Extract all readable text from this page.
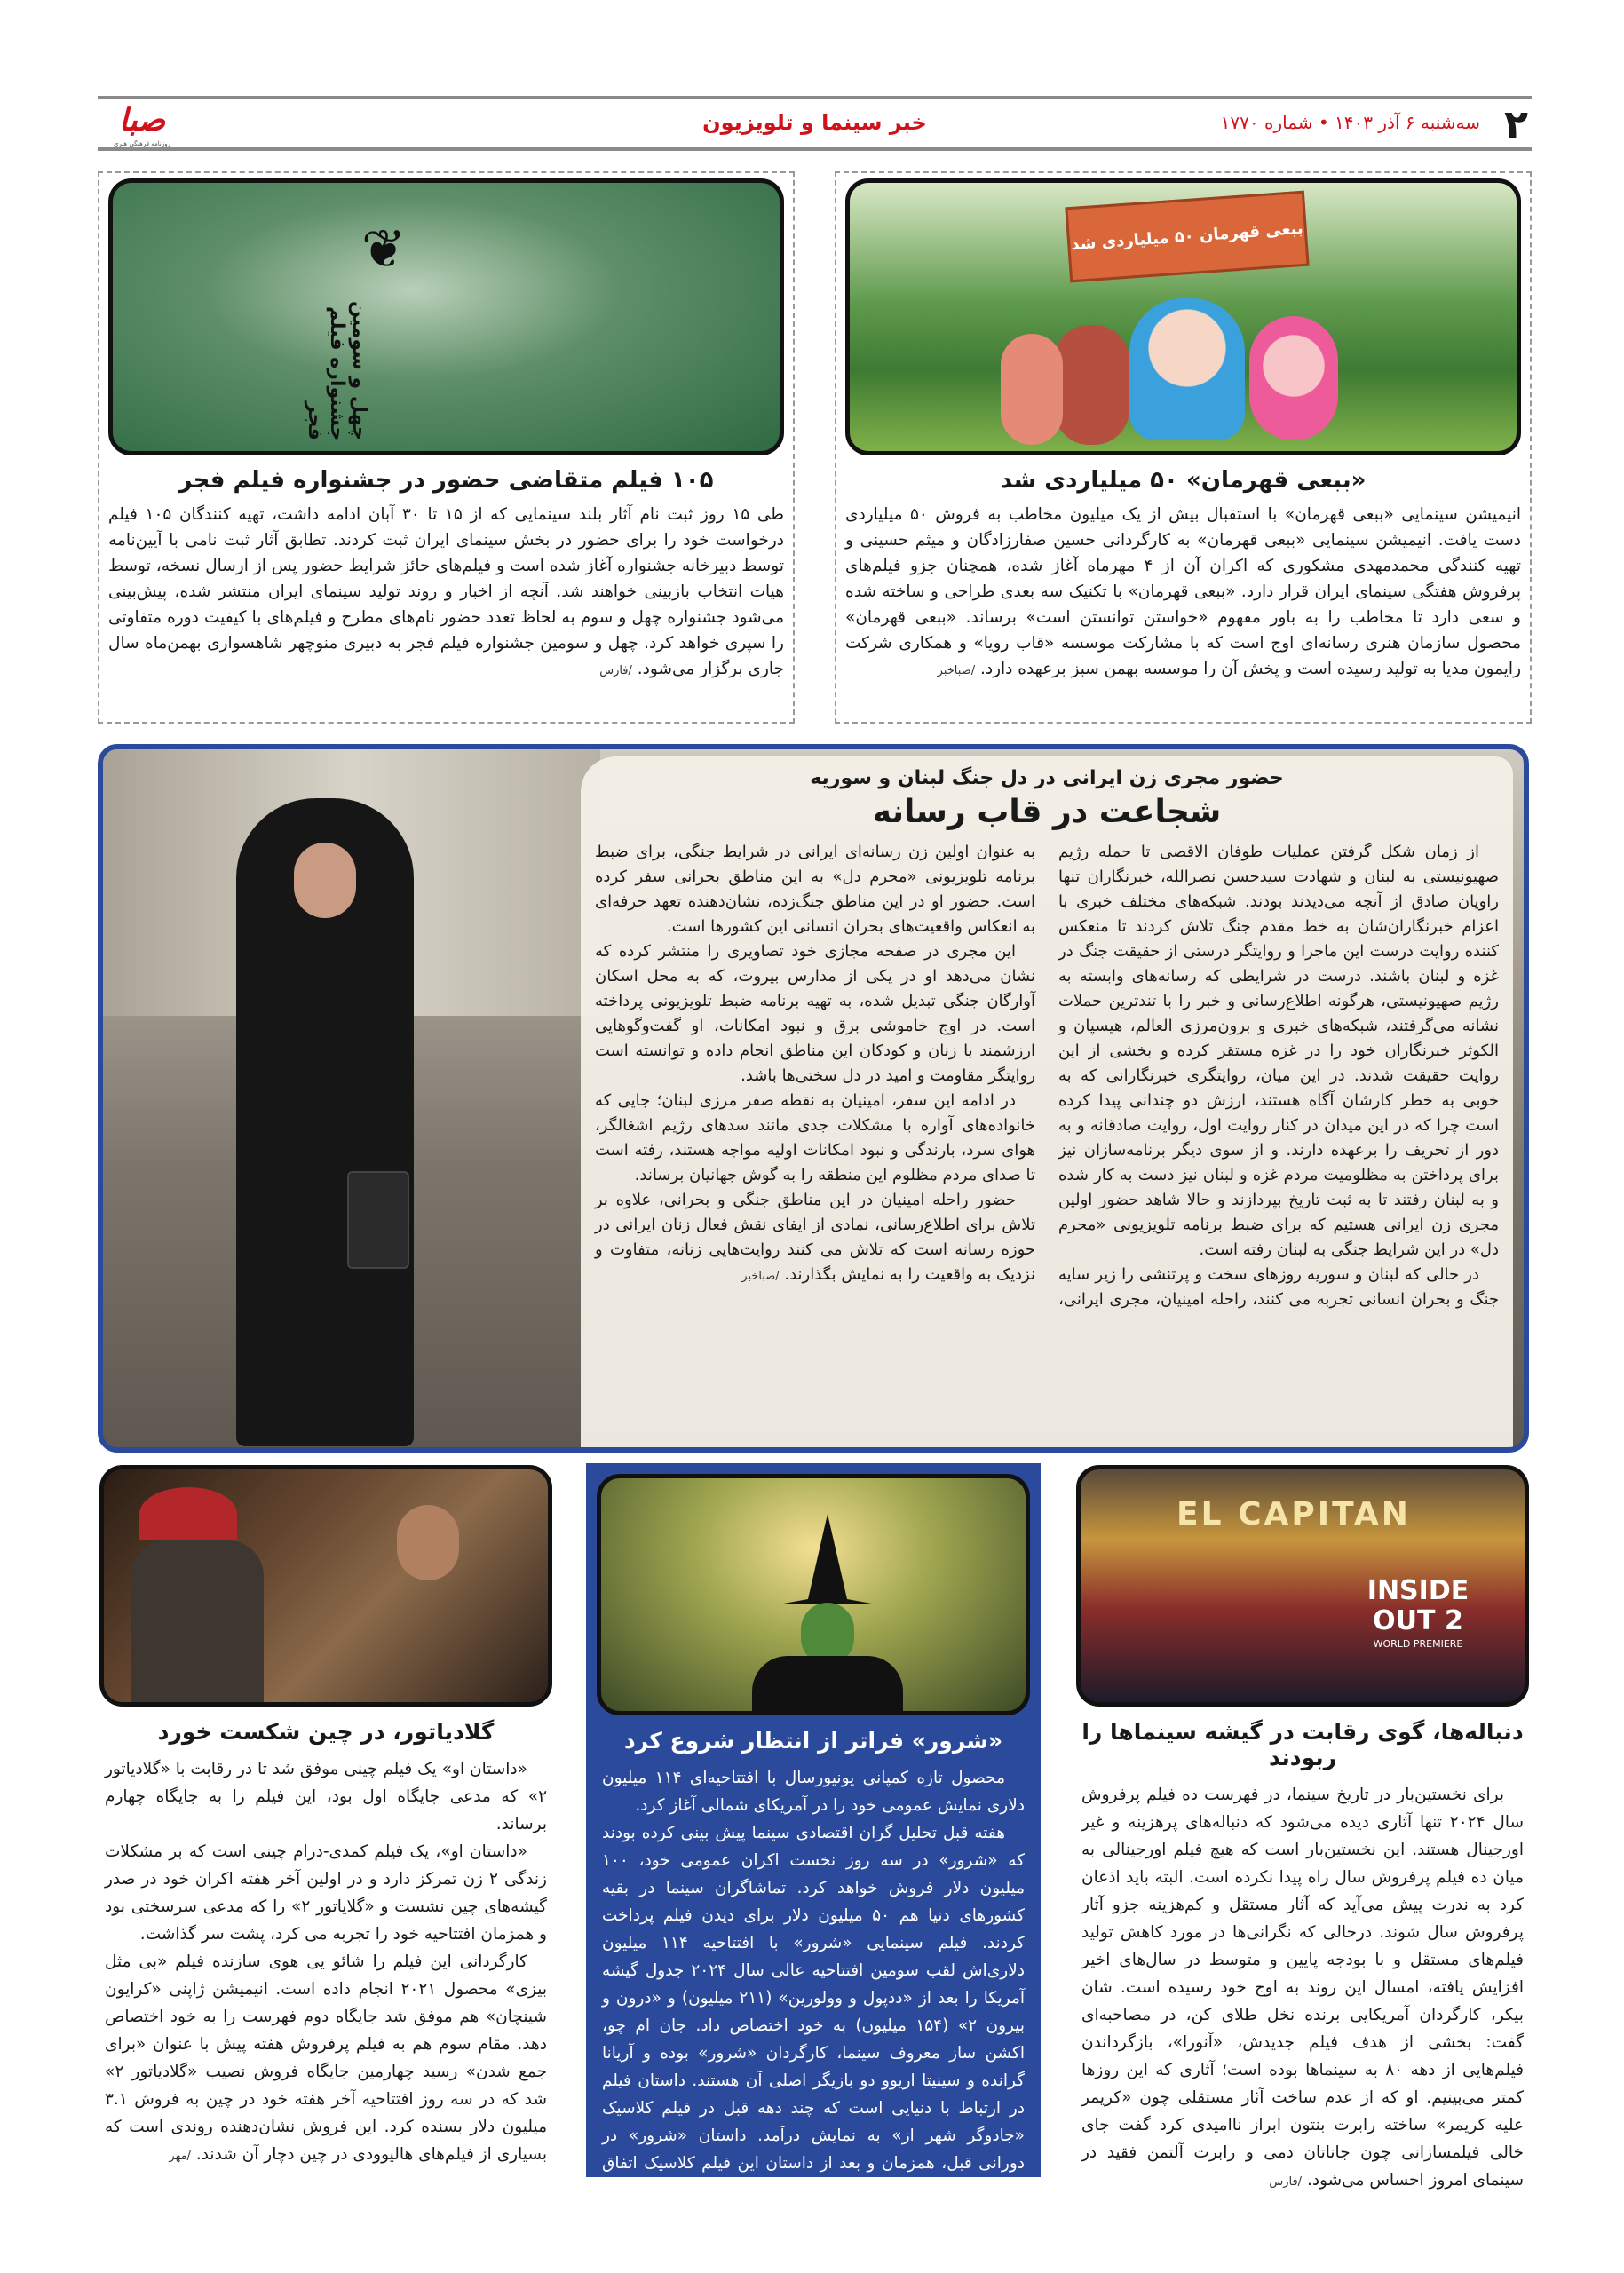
۲
سه‌شنبه ۶ آذر ۱۴۰۳ • شماره ۱۷۷۰
خبر سینما و تلویزیون
صبا
روزنامه فرهنگی هنری
ببعی قهرمان ۵۰ میلیاردی شد
«ببعی قهرمان» ۵۰ میلیاردی شد
انیمیشن سینمایی «ببعی قهرمان» با استقبال بیش از یک میلیون مخاطب به فروش ۵۰ میلیاردی دست یافت. انیمیشن سینمایی «ببعی قهرمان» به کارگردانی حسین صفارزادگان و میثم حسینی و تهیه کنندگی محمدمهدی مشکوری که اکران آن از ۴ مهرماه آغاز شده، همچنان جزو فیلم‌های پرفروش هفتگی سینمای ایران قرار دارد. «ببعی قهرمان» با تکنیک سه بعدی طراحی و ساخته شده و سعی دارد تا مخاطب را به باور مفهوم «خواستن توانستن است» برساند. «ببعی قهرمان» محصول سازمان هنری رسانه‌ای اوج است که با مشارکت موسسه «قاب رویا» و همکاری شرکت رایمون مدیا به تولید رسیده است و پخش آن را موسسه بهمن سبز برعهده دارد. /صباخبر
❦
چهل و سومین جشنواره فیلم فجر
۱۰۵ فیلم متقاضی حضور در جشنواره فیلم فجر
طی ۱۵ روز ثبت نام آثار بلند سینمایی که از ۱۵ تا ۳۰ آبان ادامه داشت، تهیه کنندگان ۱۰۵ فیلم درخواست خود را برای حضور در بخش سینمای ایران ثبت کردند. تطابق آثار ثبت نامی با آیین‌نامه توسط دبیرخانه جشنواره آغاز شده است و فیلم‌های حائز شرایط حضور پس از ارسال نسخه، توسط هیات انتخاب بازبینی خواهند شد. آنچه از اخبار و روند تولید سینمای ایران منتشر شده، پیش‌بینی می‌شود جشنواره چهل و سوم به لحاظ تعدد حضور نام‌های مطرح و فیلم‌های با کیفیت دوره متفاوتی را سپری خواهد کرد. چهل و سومین جشنواره فیلم فجر به دبیری منوچهر شاهسواری بهمن‌ماه سال جاری برگزار می‌شود. /فارس
حضور مجری زن ایرانی در دل جنگ لبنان و سوریه
شجاعت در قاب رسانه

از زمان شکل گرفتن عملیات طوفان الاقصی تا حمله رژیم صهیونیستی به لبنان و شهادت سیدحسن نصرالله، خبرنگاران تنها راویان صادق از آنچه می‌دیدند بودند. شبکه‌های مختلف خبری با اعزام خبرنگاران‌شان به خط مقدم جنگ تلاش کردند تا منعکس کننده روایت درست این ماجرا و روایتگر درستی از حقیقت جنگ در غزه و لبنان باشند. درست در شرایطی که رسانه‌های وابسته به رژیم صهیونیستی، هرگونه اطلاع‌رسانی و خبر را با تندترین حملات نشانه می‌گرفتند، شبکه‌های خبری و برون‌مرزی العالم، هیسپان و الکوثر خبرنگاران خود را در غزه مستقر کرده و بخشی از این روایت حقیقت شدند. در این میان، روایتگری خبرنگارانی که به خوبی به خطر کارشان آگاه هستند، ارزش دو چندانی پیدا کرده است چرا که در این میدان در کنار روایت اول، روایت صادقانه و به دور از تحریف را برعهده دارند. و از سوی دیگر برنامه‌سازان نیز برای پرداختن به مظلومیت مردم غزه و لبنان نیز دست به کار شده و به لبنان رفتند تا به ثبت تاریخ بپردازند و حالا شاهد حضور اولین مجری زن ایرانی هستیم که برای ضبط برنامه تلویزیونی «محرم دل» در این شرایط جنگی به لبنان رفته است.

در حالی که لبنان و سوریه روزهای سخت و پرتنشی را زیر سایه جنگ و بحران انسانی تجربه می کنند، راحله امینیان، مجری ایرانی، به عنوان اولین زن رسانه‌ای ایرانی در شرایط جنگی، برای ضبط برنامه تلویزیونی «محرم دل» به این مناطق بحرانی سفر کرده است. حضور او در این مناطق جنگ‌زده، نشان‌دهنده تعهد حرفه‌ای به انعکاس واقعیت‌های بحران انسانی این کشورها است.

این مجری در صفحه مجازی خود تصاویری را منتشر کرده که نشان می‌دهد او در یکی از مدارس بیروت، که به محل اسکان آوارگان جنگی تبدیل شده، به تهیه برنامه ضبط تلویزیونی پرداخته است. در اوج خاموشی برق و نبود امکانات، او گفت‌وگوهایی ارزشمند با زنان و کودکان این مناطق انجام داده و توانسته است روایتگر مقاومت و امید در دل سختی‌ها باشد.

در ادامه این سفر، امینیان به نقطه صفر مرزی لبنان؛ جایی که خانواده‌های آواره با مشکلات جدی مانند سدهای رژیم اشغالگر، هوای سرد، بارندگی و نبود امکانات اولیه مواجه هستند، رفته است تا صدای مردم مظلوم این منطقه را به گوش جهانیان برساند.

حضور راحله امینیان در این مناطق جنگی و بحرانی، علاوه بر تلاش برای اطلاع‌رسانی، نمادی از ایفای نقش فعال زنان ایرانی در حوزه رسانه است که تلاش می کنند روایت‌هایی زنانه، متفاوت و نزدیک به واقعیت را به نمایش بگذارند. /صباخبر

EL CAPITAN
INSIDE OUT 2
WORLD PREMIERE
دنباله‌ها، گوی رقابت در گیشه سینماها را ربودند

برای نخستین‌بار در تاریخ سینما، در فهرست ده فیلم پرفروش سال ۲۰۲۴ تنها آثاری دیده می‌شود که دنباله‌های پرهزینه و غیر اورجینال هستند. این نخستین‌بار است که هیچ فیلم اورجینالی به میان ده فیلم پرفروش سال راه پیدا نکرده است. البته باید اذعان کرد به ندرت پیش می‌آید که آثار مستقل و کم‌هزینه جزو آثار پرفروش سال شوند. درحالی که نگرانی‌ها در مورد کاهش تولید فیلم‌های مستقل و با بودجه پایین و متوسط در سال‌های اخیر افزایش یافته، امسال این روند به اوج خود رسیده است. شان بیکر، کارگردان آمریکایی برنده نخل طلای کن، در مصاحبه‌ای گفت: بخشی از هدف فیلم جدیدش، «آنورا»، بازگرداندن فیلم‌هایی از دهه ۸۰ به سینماها بوده است؛ آثاری که این روزها کمتر می‌بینیم. او که از عدم ساخت آثار مستقلی چون «کریمر علیه کریمر» ساخته رابرت بنتون ابراز ناامیدی کرد گفت جای خالی فیلمسازانی چون جاناتان دمی و رابرت آلتمن فقید در سینمای امروز احساس می‌شود. /فارس

«شرور» فراتر از انتظار شروع کرد

محصول تازه کمپانی یونیورسال با افتتاحیه‌ای ۱۱۴ میلیون دلاری نمایش عمومی خود را در آمریکای شمالی آغاز کرد.

هفته قبل تحلیل گران اقتصادی سینما پیش بینی کرده بودند که «شرور» در سه روز نخست اکران عمومی خود، ۱۰۰ میلیون دلار فروش خواهد کرد. تماشاگران سینما در بقیه کشورهای دنیا هم ۵۰ میلیون دلار برای دیدن فیلم پرداخت کردند. فیلم سینمایی «شرور» با افتتاحیه ۱۱۴ میلیون دلاری‌اش لقب سومین افتتاحیه عالی سال ۲۰۲۴ جدول گیشه آمریکا را بعد از «ددپول و وولورین» (۲۱۱ میلیون) و «درون و بیرون ۲» (۱۵۴ میلیون) به خود اختصاص داد. جان ام چو، اکشن ساز معروف سینما، کارگردان «شرور» بوده و آریانا گرانده و سینیتا اریوو دو بازیگر اصلی آن هستند. داستان فیلم در ارتباط با دنیایی است که چند دهه قبل در فیلم کلاسیک «جادوگر شهر از» به نمایش درآمد. داستان «شرور» در دورانی قبل، همزمان و بعد از داستان این فیلم کلاسیک اتفاق می‌افتد. /صباخبر

گلادیاتور، در چین شکست خورد

«داستان او» یک فیلم چینی موفق شد تا در رقابت با «گلادیاتور ۲» که مدعی جایگاه اول بود، این فیلم را به جایگاه چهارم برساند.

«داستان او»، یک فیلم کمدی-درام چینی است که بر مشکلات زندگی ۲ زن تمرکز دارد و در اولین آخر هفته اکران خود در صدر گیشه‌های چین نشست و «گلایاتور ۲» را که مدعی سرسختی بود و همزمان افتتاحیه خود را تجربه می کرد، پشت سر گذاشت.

کارگردانی این فیلم را شائو یی هوی سازنده فیلم «بی مثل بیزی» محصول ۲۰۲۱ انجام داده است. انیمیشن ژاپنی «کرایون شینچان» هم موفق شد جایگاه دوم فهرست را به خود اختصاص دهد. مقام سوم هم به فیلم پرفروش هفته پیش با عنوان «برای جمع شدن» رسید چهارمین جایگاه فروش نصیب «گلادیاتور ۲» شد که در سه روز افتتاحیه آخر هفته خود در چین به فروش ۳.۱ میلیون دلار بسنده کرد. این فروش نشان‌دهنده روندی است که بسیاری از فیلم‌های هالیوودی در چین دچار آن شدند. /مهر
